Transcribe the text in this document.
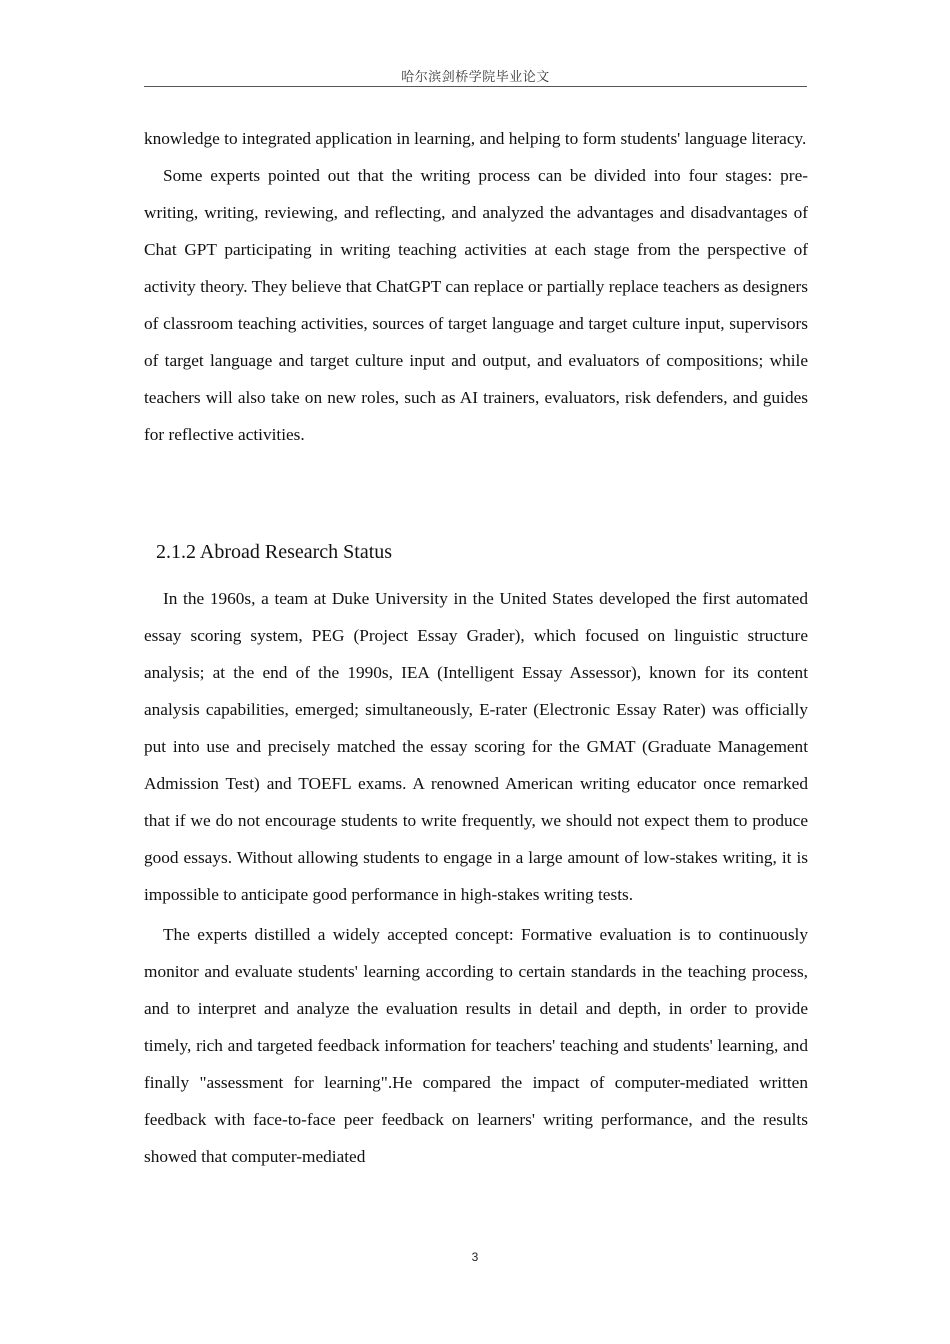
哈尔滨剑桥学院毕业论文

knowledge to integrated application in learning, and helping to form students' language literacy.

Some experts pointed out that the writing process can be divided into four stages: pre-writing, writing, reviewing, and reflecting, and analyzed the advantages and disadvantages of Chat GPT participating in writing teaching activities at each stage from the perspective of activity theory. They believe that ChatGPT can replace or partially replace teachers as designers of classroom teaching activities, sources of target language and target culture input, supervisors of target language and target culture input and output, and evaluators of compositions; while teachers will also take on new roles, such as AI trainers, evaluators, risk defenders, and guides for reflective activities.

2.1.2 Abroad Research Status

In the 1960s, a team at Duke University in the United States developed the first automated essay scoring system, PEG (Project Essay Grader), which focused on linguistic structure analysis; at the end of the 1990s, IEA (Intelligent Essay Assessor), known for its content analysis capabilities, emerged; simultaneously, E-rater (Electronic Essay Rater) was officially put into use and precisely matched the essay scoring for the GMAT (Graduate Management Admission Test) and TOEFL exams. A renowned American writing educator once remarked that if we do not encourage students to write frequently, we should not expect them to produce good essays. Without allowing students to engage in a large amount of low-stakes writing, it is impossible to anticipate good performance in high-stakes writing tests.

The experts distilled a widely accepted concept: Formative evaluation is to continuously monitor and evaluate students' learning according to certain standards in the teaching process, and to interpret and analyze the evaluation results in detail and depth, in order to provide timely, rich and targeted feedback information for teachers' teaching and students' learning, and finally "assessment for learning".He compared the impact of computer-mediated written feedback with face-to-face peer feedback on learners' writing performance, and the results showed that computer-mediated

3
